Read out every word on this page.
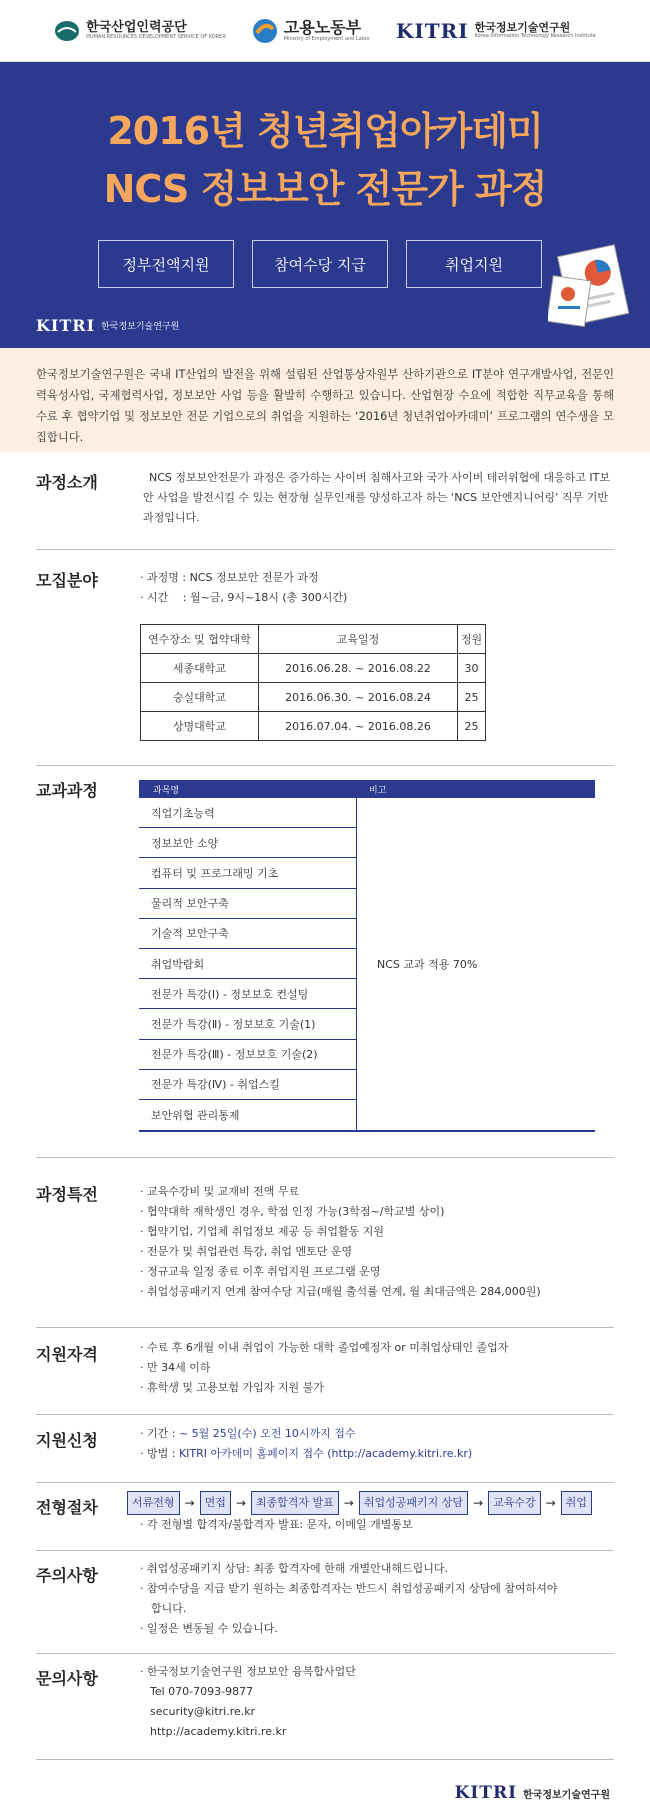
한국산업인력공단
HUMAN RESOURCES DEVELOPMENT SERVICE OF KOREA	고용노동부
Ministry of Employment and Labor KITRI 한국정보기술연구원
Korea Information Technology Research Institute
2016년 청년취업아카데미
NCS 정보보안 전문가 과정
정부전액지원	참여수당 지급	취업지원
KITRI 한국정보기술연구원
한국정보기술연구원은 국내 IT산업의 발전을 위해 설립된 산업통상자원부 산하기관으로 IT분야 연구개발사업, 전문인력육성사업, 국제협력사업, 정보보안 사업 등을 활발히 수행하고 있습니다. 산업현장 수요에 적합한 직무교육을 통해 수료 후 협약기업 및 정보보안 전문 기업으로의 취업을 지원하는 ‘2016년 청년취업아카데미’ 프로그램의 연수생을 모집합니다.
과정소개	NCS 정보보안전문가 과정은 증가하는 사이버 침해사고와 국가 사이버 테러위협에 대응하고 IT보안 사업을 발전시킬 수 있는 현장형 실무인재를 양성하고자 하는 ‘NCS 보안엔지니어링’ 직무 기반 과정입니다.
모집분야	· 과정명 : NCS 정보보안 전문가 과정
· 시간 　: 월~금, 9시~18시 (총 300시간)
연수장소 및 협약대학	교육일정	정원
세종대학교	2016.06.28. ~ 2016.08.22	30
숭실대학교	2016.06.30. ~ 2016.08.24	25
상명대학교	2016.07.04. ~ 2016.08.26	25
교과과정	과목명	비고
직업기초능력
정보보안 소양
컴퓨터 및 프로그래밍 기초
물리적 보안구축
기술적 보안구축
취업박람회
전문가 특강(Ⅰ) - 정보보호 컨설팅
전문가 특강(Ⅱ) - 정보보호 기술(1)
전문가 특강(Ⅲ) - 정보보호 기술(2)
전문가 특강(Ⅳ) - 취업스킬
보안위협 관리통제
NCS 교과 적용 70%
과정특전	· 교육수강비 및 교재비 전액 무료
· 협약대학 재학생인 경우, 학점 인정 가능(3학점~/학교별 상이)
· 협약기업, 기업체 취업정보 제공 등 취업활동 지원
· 전문가 및 취업관련 특강, 취업 멘토단 운영
· 정규교육 일정 종료 이후 취업지원 프로그램 운영
· 취업성공패키지 연계 참여수당 지급(매월 출석률 연계, 월 최대금액은 284,000원)
지원자격	· 수료 후 6개월 이내 취업이 가능한 대학 졸업예정자 or 미취업상태인 졸업자
· 만 34세 이하
· 휴학생 및 고용보험 가입자 지원 불가
지원신청	· 기간 : ~ 5월 25일(수) 오전 10시까지 접수
· 방법 : KITRI 아카데미 홈페이지 접수 (http://academy.kitri.re.kr)
전형절차	서류전형 → 면접 → 최종합격자 발표 → 취업성공패키지 상담 → 교육수강 → 취업
· 각 전형별 합격자/불합격자 발표: 문자, 이메일 개별통보
주의사항	· 취업성공패키지 상담: 최종 합격자에 한해 개별안내해드립니다.
· 참여수당을 지급 받기 원하는 최종합격자는 반드시 취업성공패키지 상담에 참여하셔야
　합니다.
· 일정은 변동될 수 있습니다.
문의사항	· 한국정보기술연구원 정보보안 융복합사업단
Tel 070-7093-9877
security@kitri.re.kr
http://academy.kitri.re.kr
KITRI 한국정보기술연구원
